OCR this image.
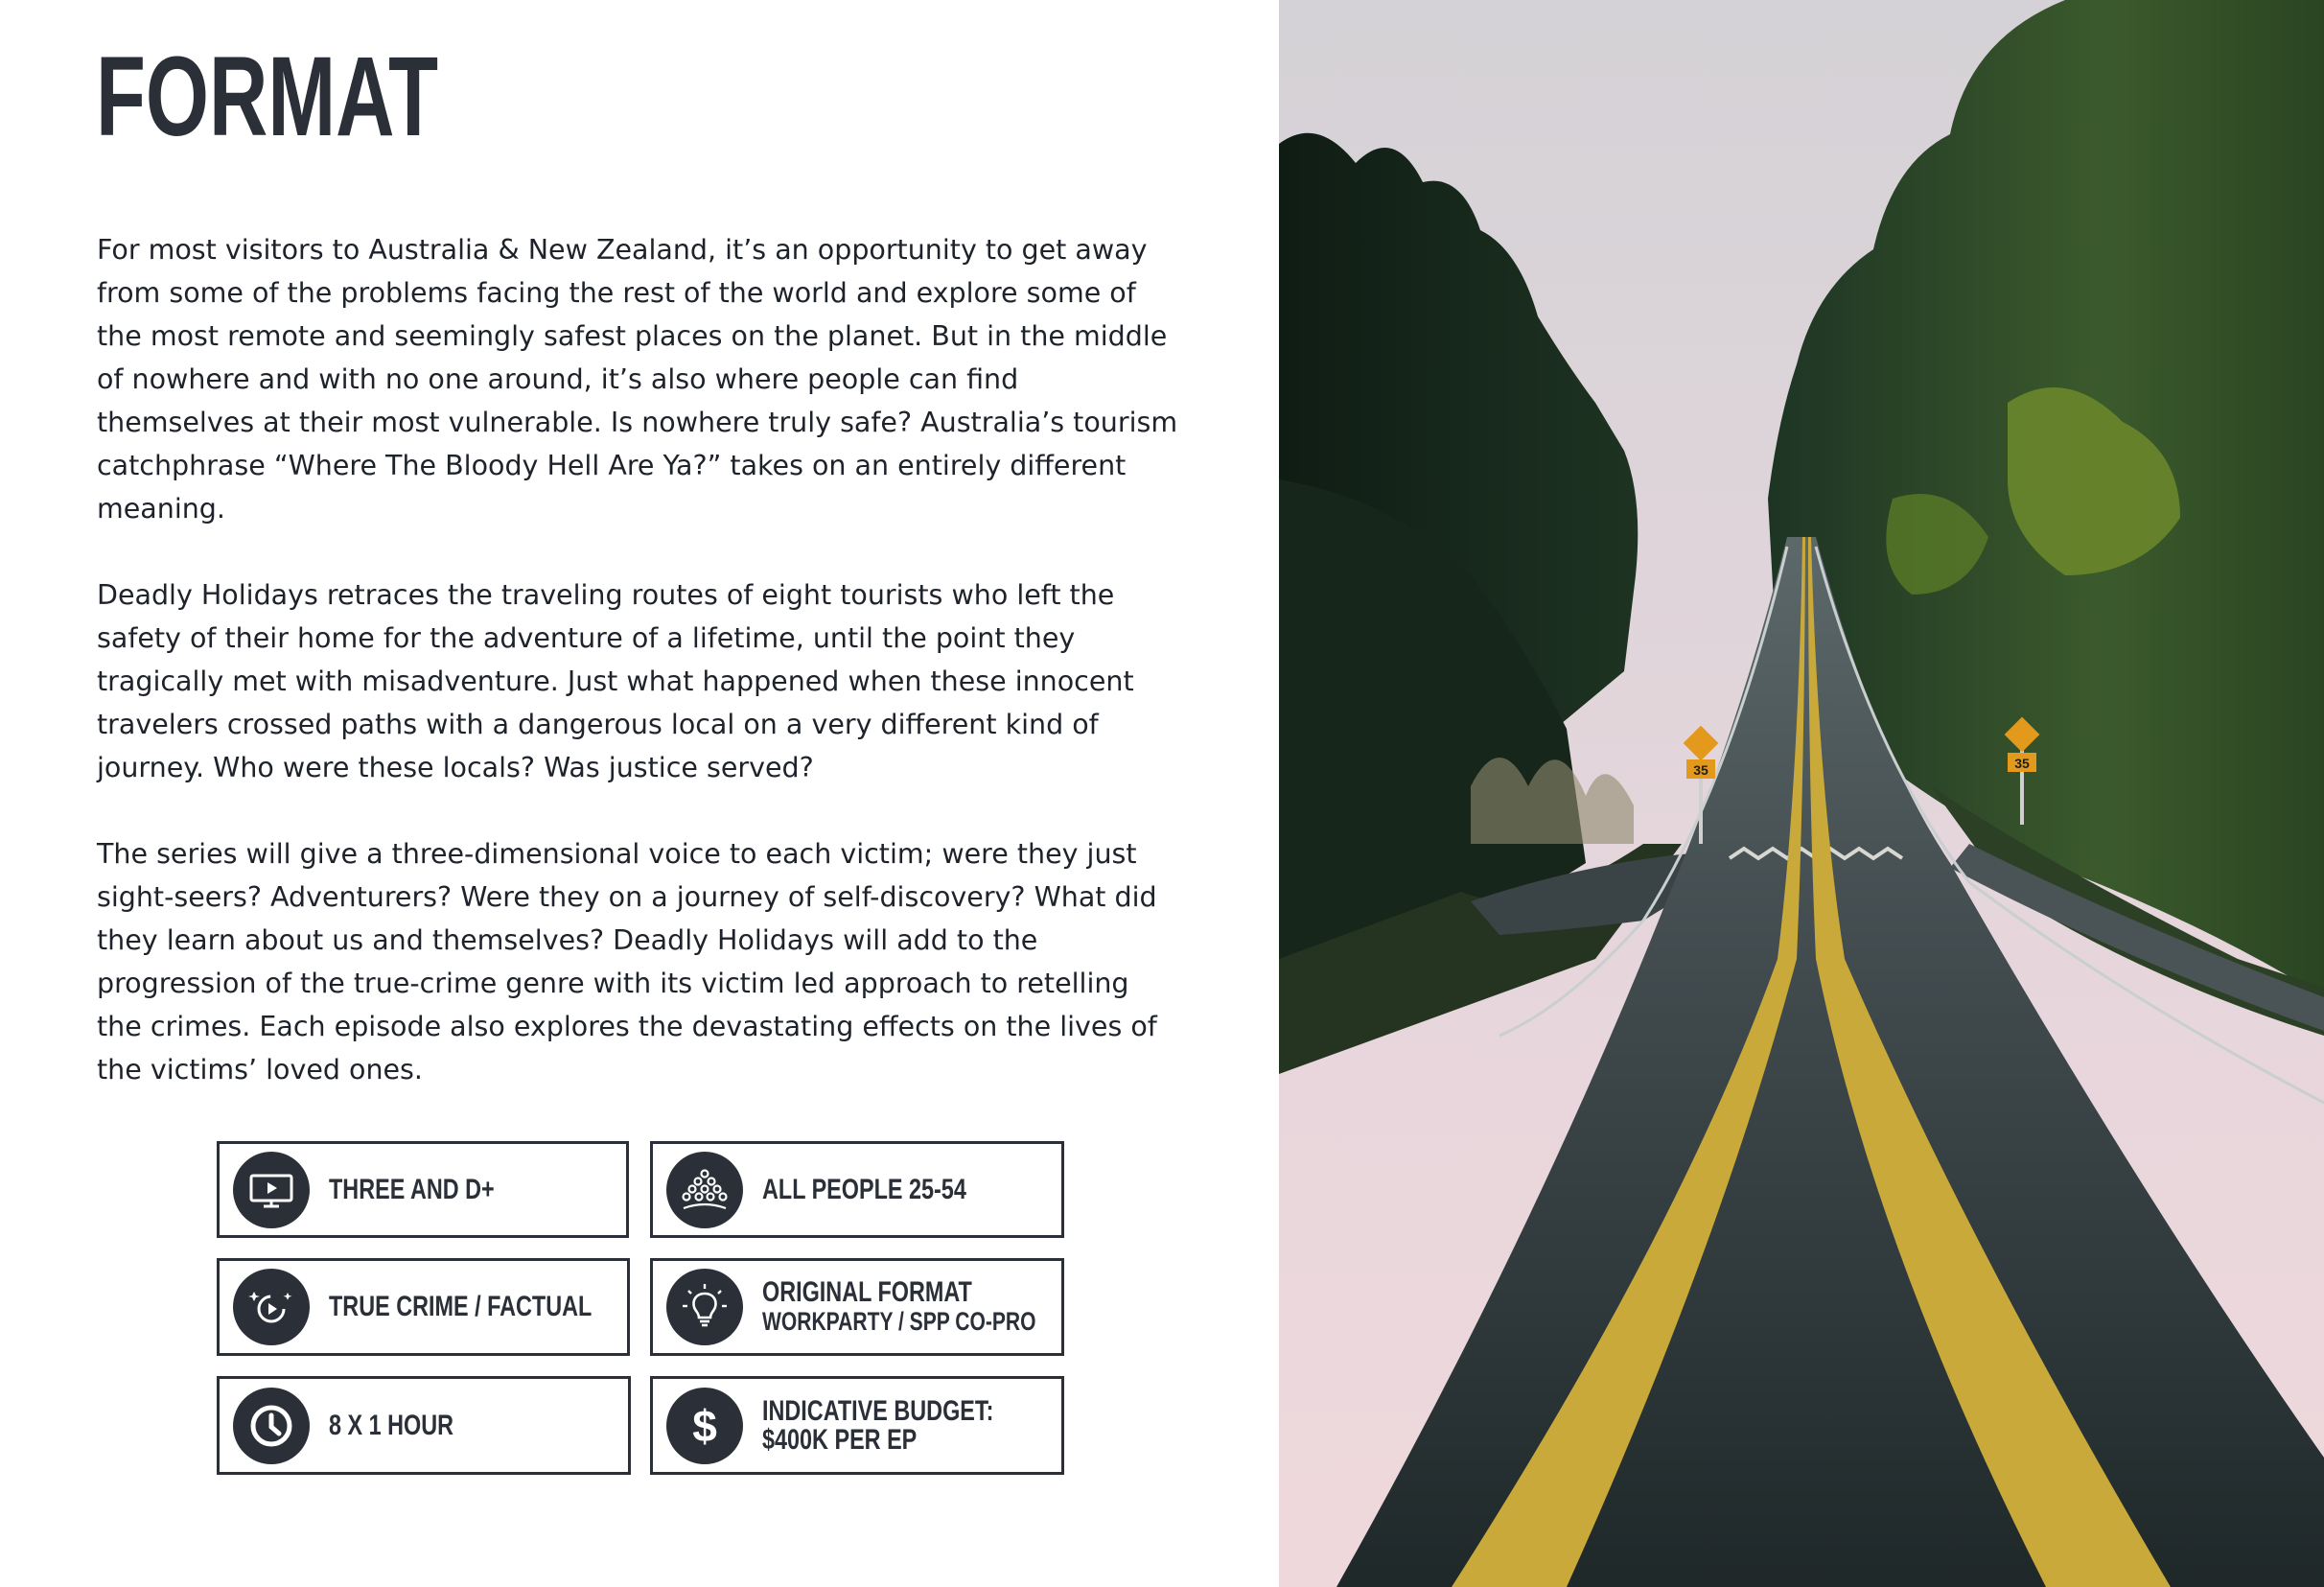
FORMAT

For most visitors to Australia & New Zealand, it’s an opportunity to get away from some of the problems facing the rest of the world and explore some of the most remote and seemingly safest places on the planet. But in the middle of nowhere and with no one around, it’s also where people can find themselves at their most vulnerable. Is nowhere truly safe? Australia’s tourism catchphrase “Where The Bloody Hell Are Ya?” takes on an entirely different meaning.

Deadly Holidays retraces the traveling routes of eight tourists who left the safety of their home for the adventure of a lifetime, until the point they tragically met with misadventure. Just what happened when these innocent travelers crossed paths with a dangerous local on a very different kind of journey. Who were these locals? Was justice served?

The series will give a three-dimensional voice to each victim; were they just sight-seers? Adventurers? Were they on a journey of self-discovery? What did they learn about us and themselves? Deadly Holidays will add to the progression of the true-crime genre with its victim led approach to retelling the crimes. Each episode also explores the devastating effects on the lives of the victims’ loved ones.

THREE AND D+	ALL PEOPLE 25-54
TRUE CRIME / FACTUAL	ORIGINAL FORMAT
WORKPARTY / SPP CO-PRO
8 X 1 HOUR	$ INDICATIVE BUDGET:
$400K PER EP
35	35
